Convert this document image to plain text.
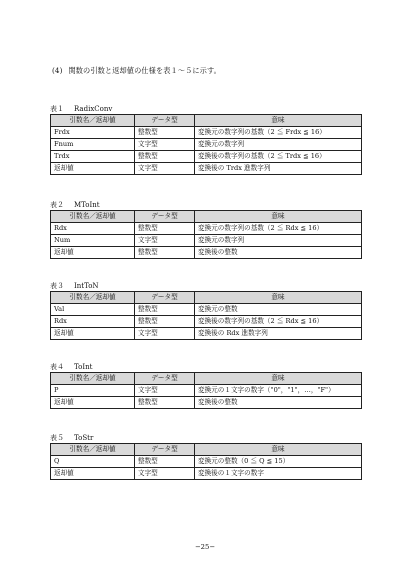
(4) 関数の引数と返却値の仕様を表１～５に示す。
表１ RadixConv
引数名／返却値	データ型	意味
Frdx	整数型	変換元の数字列の基数（2 ≦ Frdx ≦ 16）
Fnum	文字型	変換元の数字列
Trdx	整数型	変換後の数字列の基数（2 ≦ Trdx ≦ 16）
返却値	文字型	変換後の Trdx 進数字列
表２ MToInt
引数名／返却値	データ型	意味
Rdx	整数型	変換元の数字列の基数（2 ≦ Rdx ≦ 16）
Num	文字型	変換元の数字列
返却値	整数型	変換後の整数
表３ IntToN
引数名／返却値	データ型	意味
Val	整数型	変換元の整数
Rdx	整数型	変換後の数字列の基数（2 ≦ Rdx ≦ 16）
返却値	文字型	変換後の Rdx 進数字列
表４ ToInt
引数名／返却値	データ型	意味
P	文字型	変換元の１文字の数字（"0"，"1"，…，"F"）
返却値	整数型	変換後の整数
表５ ToStr
引数名／返却値	データ型	意味
Q	整数型	変換元の整数（0 ≦ Q ≦ 15）
返却値	文字型	変換後の１文字の数字
−25−
